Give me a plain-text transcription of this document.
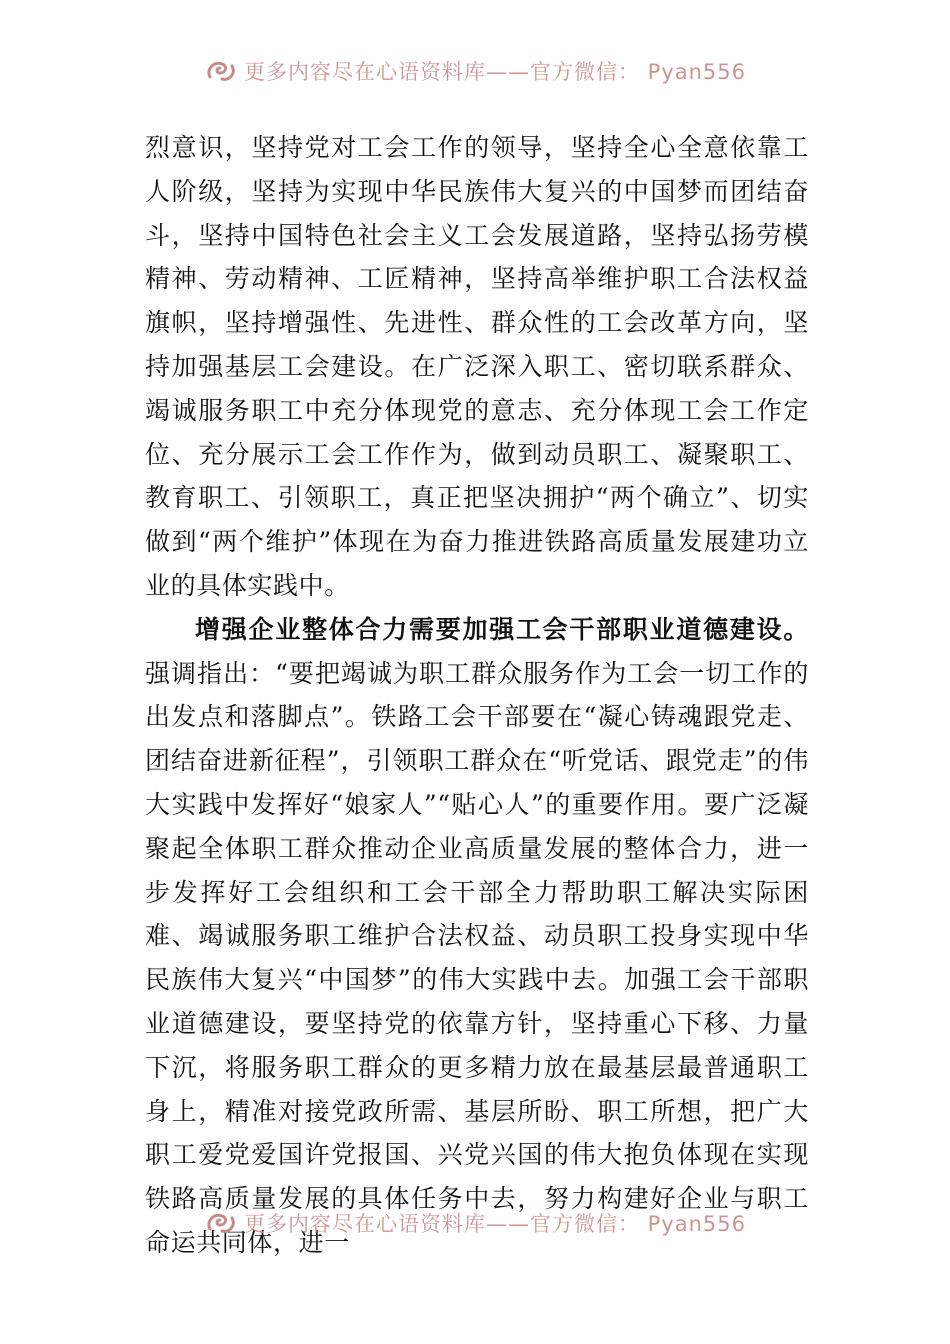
更多内容尽在心语资料库——官方微信： Pyan556

烈意识，坚持党对工会工作的领导，坚持全心全意依靠工人阶级，坚持为实现中华民族伟大复兴的中国梦而团结奋斗，坚持中国特色社会主义工会发展道路，坚持弘扬劳模精神、劳动精神、工匠精神，坚持高举维护职工合法权益旗帜，坚持增强性、先进性、群众性的工会改革方向，坚持加强基层工会建设。在广泛深入职工、密切联系群众、竭诚服务职工中充分体现党的意志、充分体现工会工作定位、充分展示工会工作作为，做到动员职工、凝聚职工、教育职工、引领职工，真正把坚决拥护“两个确立”、切实做到“两个维护”体现在为奋力推进铁路高质量发展建功立业的具体实践中。

增强企业整体合力需要加强工会干部职业道德建设。强调指出：“要把竭诚为职工群众服务作为工会一切工作的出发点和落脚点”。铁路工会干部要在“凝心铸魂跟党走、团结奋进新征程”，引领职工群众在“听党话、跟党走”的伟大实践中发挥好“娘家人”“贴心人”的重要作用。要广泛凝聚起全体职工群众推动企业高质量发展的整体合力，进一步发挥好工会组织和工会干部全力帮助职工解决实际困难、竭诚服务职工维护合法权益、动员职工投身实现中华民族伟大复兴“中国梦”的伟大实践中去。加强工会干部职业道德建设，要坚持党的依靠方针，坚持重心下移、力量下沉，将服务职工群众的更多精力放在最基层最普通职工身上，精准对接党政所需、基层所盼、职工所想，把广大职工爱党爱国许党报国、兴党兴国的伟大抱负体现在实现铁路高质量发展的具体任务中去，努力构建好企业与职工命运共同体，进一

更多内容尽在心语资料库——官方微信： Pyan556
